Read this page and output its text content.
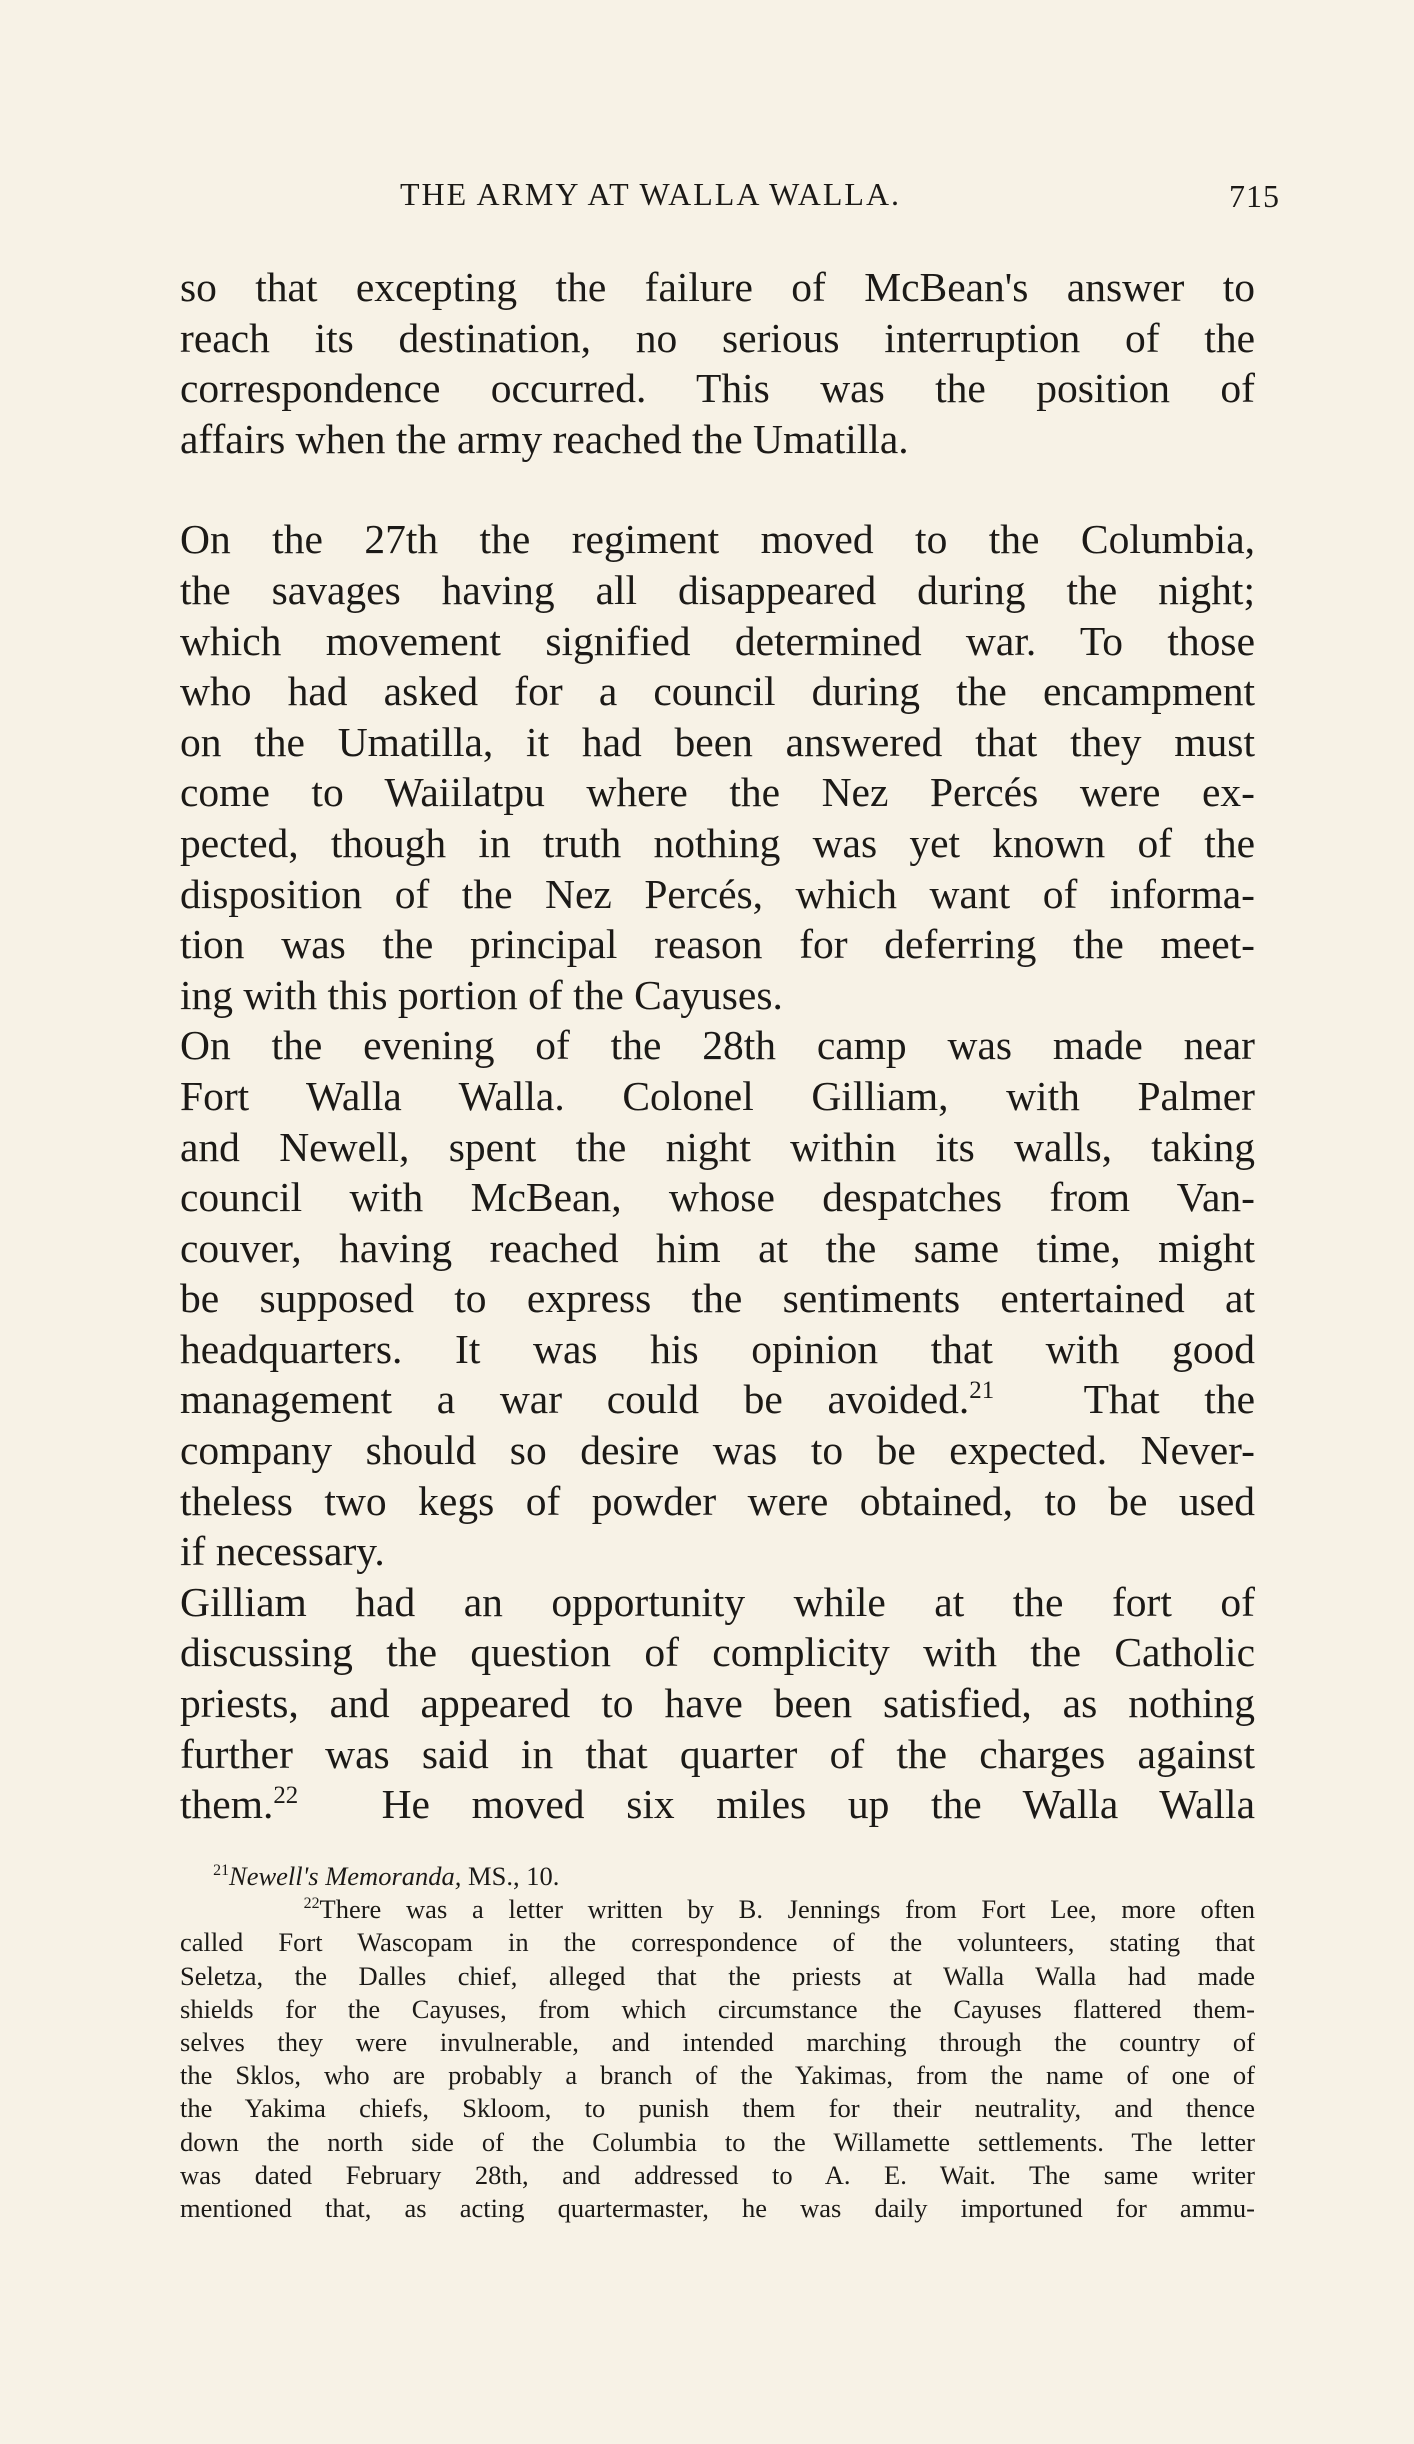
THE ARMY AT WALLA WALLA.	715
so that excepting the failure of McBean's answer to
reach its destination, no serious interruption of the
correspondence occurred. This was the position of
affairs when the army reached the Umatilla.
On the 27th the regiment moved to the Columbia,
the savages having all disappeared during the night;
which movement signified determined war. To those
who had asked for a council during the encampment
on the Umatilla, it had been answered that they must
come to Waiilatpu where the Nez Percés were ex-
pected, though in truth nothing was yet known of the
disposition of the Nez Percés, which want of informa-
tion was the principal reason for deferring the meet-
ing with this portion of the Cayuses.
On the evening of the 28th camp was made near
Fort Walla Walla. Colonel Gilliam, with Palmer
and Newell, spent the night within its walls, taking
council with McBean, whose despatches from Van-
couver, having reached him at the same time, might
be supposed to express the sentiments entertained at
headquarters. It was his opinion that with good
management a war could be avoided.$^{21}$ That the
company should so desire was to be expected. Never-
theless two kegs of powder were obtained, to be used
if necessary.
Gilliam had an opportunity while at the fort of
discussing the question of complicity with the Catholic
priests, and appeared to have been satisfied, as nothing
further was said in that quarter of the charges against
them.$^{22}$ He moved six miles up the Walla Walla
$^{21}$Newell's Memoranda, MS., 10.
$^{22}$There was a letter written by B. Jennings from Fort Lee, more often
called Fort Wascopam in the correspondence of the volunteers, stating that
Seletza, the Dalles chief, alleged that the priests at Walla Walla had made
shields for the Cayuses, from which circumstance the Cayuses flattered them-
selves they were invulnerable, and intended marching through the country of
the Sklos, who are probably a branch of the Yakimas, from the name of one of
the Yakima chiefs, Skloom, to punish them for their neutrality, and thence
down the north side of the Columbia to the Willamette settlements. The letter
was dated February 28th, and addressed to A. E. Wait. The same writer
mentioned that, as acting quartermaster, he was daily importuned for ammu-
